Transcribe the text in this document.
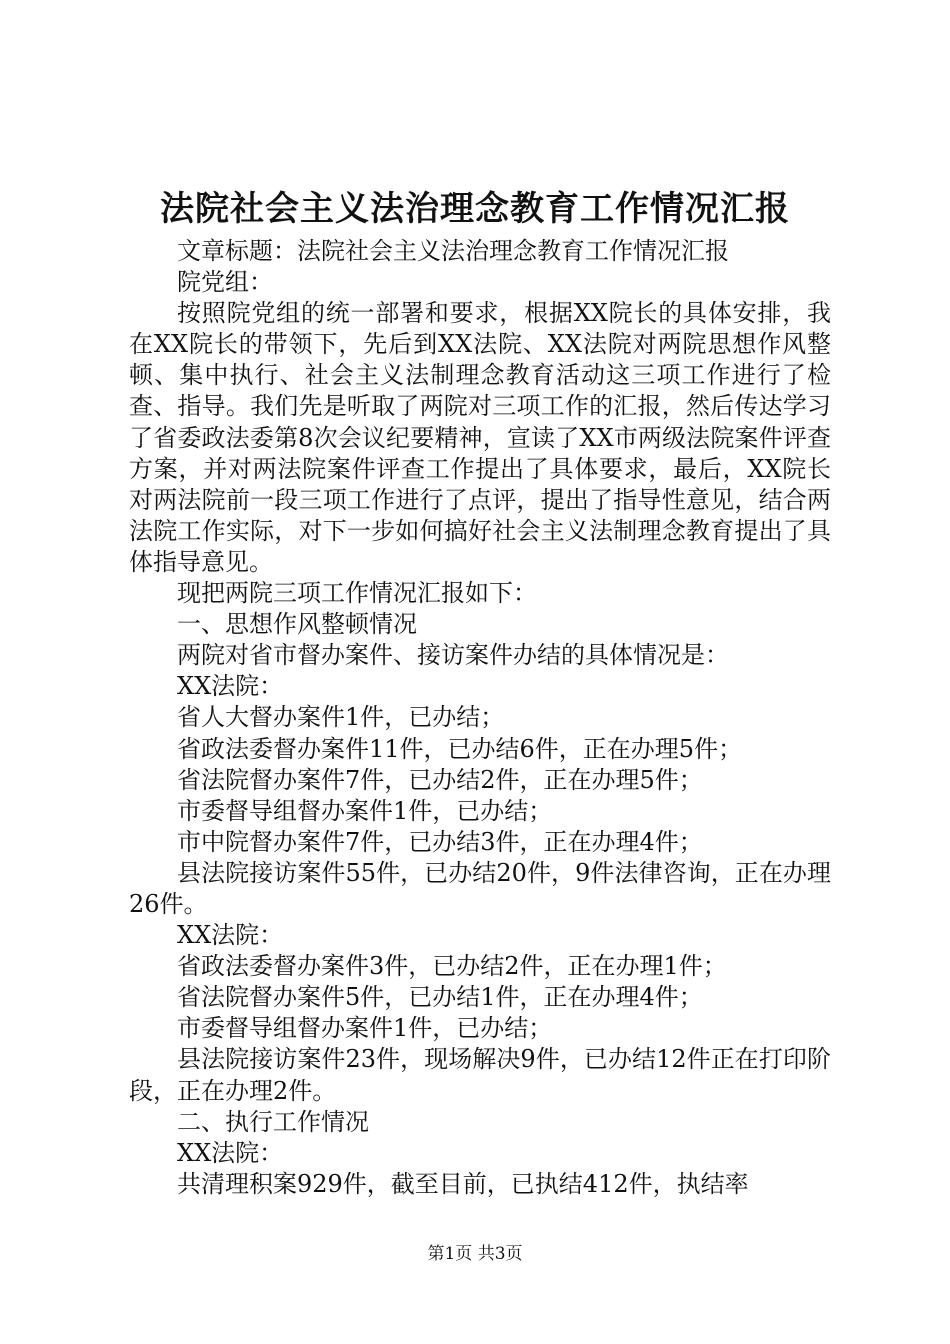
法院社会主义法治理念教育工作情况汇报

文章标题：法院社会主义法治理念教育工作情况汇报

院党组：

按照院党组的统一部署和要求，根据XX院长的具体安排，我在XX院长的带领下，先后到XX法院、XX法院对两院思想作风整顿、集中执行、社会主义法制理念教育活动这三项工作进行了检查、指导。我们先是听取了两院对三项工作的汇报，然后传达学习了省委政法委第8次会议纪要精神，宣读了XX市两级法院案件评查方案，并对两法院案件评查工作提出了具体要求，最后，XX院长对两法院前一段三项工作进行了点评，提出了指导性意见，结合两法院工作实际，对下一步如何搞好社会主义法制理念教育提出了具体指导意见。

现把两院三项工作情况汇报如下：

一、思想作风整顿情况

两院对省市督办案件、接访案件办结的具体情况是：

XX法院：

省人大督办案件1件，已办结；

省政法委督办案件11件，已办结6件，正在办理5件；

省法院督办案件7件，已办结2件，正在办理5件；

市委督导组督办案件1件，已办结；

市中院督办案件7件，已办结3件，正在办理4件；

县法院接访案件55件，已办结20件，9件法律咨询，正在办理26件。

XX法院：

省政法委督办案件3件，已办结2件，正在办理1件；

省法院督办案件5件，已办结1件，正在办理4件；

市委督导组督办案件1件，已办结；

县法院接访案件23件，现场解决9件，已办结12件正在打印阶段，正在办理2件。

二、执行工作情况

XX法院：

共清理积案929件，截至目前，已执结412件，执结率

第1页 共3页
